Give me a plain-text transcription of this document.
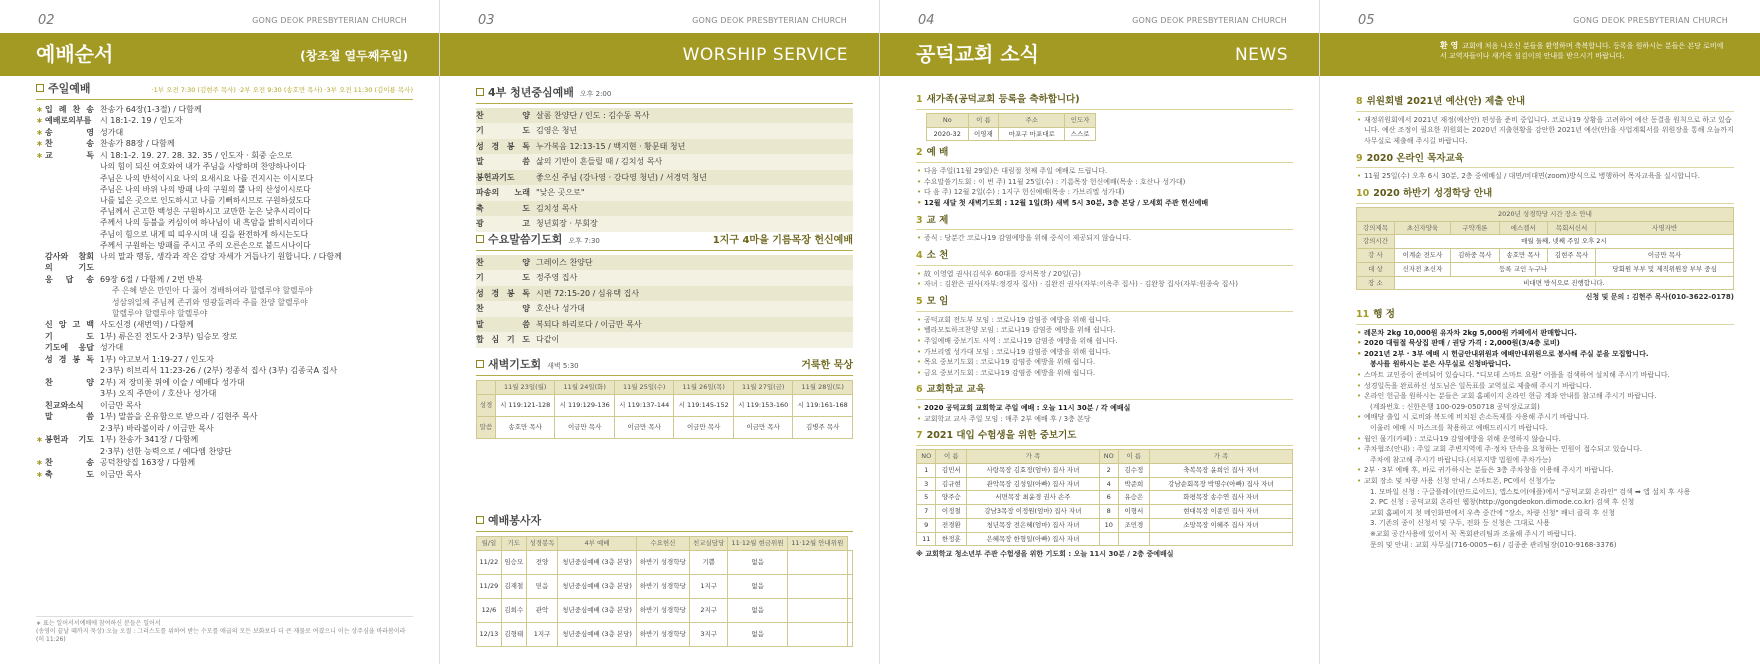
02	GONG DEOK PRESBYTERIAN CHURCH
예배순서	(창조절 열두째주일)
주일예배	·1부 오전 7:30 (김현주 목사) ·2부 오전 9:30 (송호만 목사) ·3부 오전 11:30 (김이룡 목사)
∗ 입 례 찬 송 찬송가 64장(1-3절) / 다함께
∗ 예배로의부름	시 18:1-2. 19 / 인도자
∗ 송 영 성가대
∗ 찬 송 찬송가 88장 / 다함께
∗ 교 독 시 18:1-2. 19. 27. 28. 32. 35 / 인도자 · 회중 순으로
나의 힘이 되신 여호와여 내가 주님을 사랑하며 찬양하나이다
주님은 나의 반석이시요 나의 요새시요 나를 건지시는 이시로다
주님은 나의 바위 나의 방패 나의 구원의 뿔 나의 산성이시로다
나를 넓은 곳으로 인도하시고 나를 기뻐하시므로 구원하셨도다
주님께서 곤고한 백성은 구원하시고 교만한 눈은 낮추시리이다
주께서 나의 등불을 켜심이여 하나님이 내 흑암을 밝히시리이다
주님이 힘으로 내게 띠 띠우시며 내 길을 완전하게 하시는도다
주께서 구원하는 방패를 주시고 주의 오른손으로 붙드시나이다
감사와 참회의 기도
나의 말과 행동, 생각과 작은 감당 자세가 거듭나기 원합니다. / 다함께
응 답 송 69장 6절 / 다함께 / 2번 반복
주 은혜 받은 만민아 다 꿇어 경배하여라 할렐루야 할렐루야
성삼위일체 주님께 존귀와 영광돌려라 주를 찬양 할렐루야
할렐루야 할렐루야 할렐루야
신 앙 고 백 사도신경 (새번역) / 다함께
기 도 1부) 류은진 전도사 2·3부) 임승모 장로
기도에 응답 성가대
성 경 봉 독 1부) 야고보서 1:19-27 / 인도자
2·3부) 히브리서 11:23-26 / (2부) 정종석 집사 (3부) 김종국A 집사
찬 양 2부) 저 장미꽃 위에 이슬 / 예배다 성가대
3부) 오직 주만이 / 호산나 성가대
친교와소식	이금만 목사
말 씀 1부) 말씀을 온유함으로 받으라 / 김현주 목사
2·3부) 바라볼이라 / 이금만 목사
∗ 봉헌과 기도 1부) 찬송가 341장 / 다함께
2·3부) 선한 능력으로 / 예다엠 찬양단
∗ 찬 송 공덕찬양집 163장 / 다함께
∗ 축 도 이금만 목사
∗ 표는 일어서서예배에 참여하신 분들은 일어서
(송영이 끝날 때까지 묵상) 오늘 오절 : 그리스도를 위하여 받는 수모를 애굽의 모든 보화보다 더 큰 재물로 여겼으니 이는 상주심을 바라봄이라(히 11:26)
03	GONG DEOK PRESBYTERIAN CHURCH
WORSHIP SERVICE
4부 청년중심예배 오후 2:00
찬 양 살롬 찬양단 / 인도 : 김수동 목사
기 도 김영은 청년
성 경 봉 독 누가복음 12:13-15 / 백지현 · 황문태 청년
말 씀 삶의 기반이 흔들릴 때 / 김치성 목사
봉헌과기도	좋으신 주님 (강나영 · 강다영 청년) / 서경덕 청년
파송의 노래 "낮은 곳으로"
축 도 김치성 목사
광 고 청년회장 · 부회장
수요말씀기도회 오후 7:30	1지구 4마을 기름목장 헌신예배
찬 양 그레이스 찬양단
기 도 정주영 집사
성 경 봉 독 시편 72:15-20 / 심유택 집사
찬 양 호산나 성가대
말 씀 복되다 하리로다 / 이금만 목사
합 심 기 도 다같이
새벽기도회 새벽 5:30	거룩한 묵상
	11월 23일(월)	11월 24일(화)	11월 25일(수)	11월 26일(목)	11월 27일(금)	11월 28일(토)
성경	시 119:121-128	시 119:129-136	시 119:137-144	시 119:145-152	시 119:153-160	시 119:161-168
말씀	송호만 목사	이금만 목사	이금만 목사	이금만 목사	이금만 목사	김병주 목사
예배봉사자
월/일	기도	성경봉독	4부 예배	수요헌신	친교실담당	11·12월 현금위원	11·12월 안내위원	
11/22	임승모	전양	청년중심예배 (3층 본당)	하반기 성경학당	기쁨	없음		
11/29	김재철	믿음	청년중심예배 (3층 본당)	하반기 성경학당	1지구	없음		
12/6	김희수	관악	청년중심예배 (3층 본당)	하반기 성경학당	2지구	없음		
12/13	김형태	1지구	청년중심예배 (3층 본당)	하반기 성경학당	3지구	없음		
04	GONG DEOK PRESBYTERIAN CHURCH
공덕교회 소식	NEWS
1 새가족(공덕교회 등록을 축하합니다)
No	이 름	주소	인도자
2020-32	이영재	마포구 마포대로	스스로
2 예 배
• 다음 주일(11월 29일)은 대림절 첫째 주일 예배로 드립니다.
• 수요말씀기도회 : 이 번 주) 11월 25일(수) : 기름목장 헌신예배(목송 : 호산나 성가대)
• 다 음 주) 12월 2일(수) : 1지구 헌신예배(목송 : 가브리엘 성가대)
• 12월 새달 첫 새벽기도회 : 12월 1일(화) 새벽 5시 30분, 3층 본당 / 모세회 주관 헌신예배
3 교 제
• 증식 : 당분간 코로나19 감염예방을 위해 중식이 제공되지 않습니다.
4 소 천
• 故 이영엽 권사(김석우 60대를 강서목장 / 20일(금)
• 자녀 : 김완은 권사(자부:정경자 집사) · 김완진 권사(자부:이옥주 집사) · 김완창 집사(자부:원종숙 집사)
5 모 임
• 공덕교회 전도부 모임 : 코로나19 감염증 예방을 위해 쉽니다.
• 벨라모토하크찬양 모임 : 코로나19 감염증 예방을 위해 쉽니다.
• 주일예배 중보기도 사역 : 코로나19 감염증 예방을 위해 쉽니다.
• 가브리엘 성가대 모임 : 코로나19 감염증 예방을 위해 쉽니다.
• 목요 중보기도회 : 코로나19 감염증 예방을 위해 쉽니다.
• 금요 중보기도회 : 코로나19 감염증 예방을 위해 쉽니다.
6 교회학교 교육
• 2020 공덕교회 교회학교 주일 예배 : 오늘 11시 30분 / 각 예배실
• 교회학교 교사 주일 모임 : 매주 2부 예배 후 / 3층 본당
7 2021 대입 수험생을 위한 중보기도
NO	이 름	가 족	NO	이 름	가 족
1	김민서	사랑목장 김효정(엄마) 집사 자녀	2	김수정	축복목장 윤희인 집사 자녀
3	김규현	관악목장 김성일(아빠) 집사 자녀	4	박준희	강남순회목장 박명수(아빠) 집사 자녀
5	양주승	서면목장 최윤경 권사 손주	6	유승은	화평목장 송수연 집사 자녀
7	이정철	강남3목장 이정원(엄마) 집사 자녀	8	이형서	현대목장 이종민 집사 자녀
9	전경환	청년목장 전은혜(엄마) 집사 자녀	10	조민경	소망목장 이혜주 집사 자녀
11	한정훈	은혜목장 한형일(아빠) 집사 자녀			
※ 교회학교 청소년부 주관 수험생을 위한 기도회 : 오늘 11시 30분 / 2층 중예배실
05	GONG DEOK PRESBYTERIAN CHURCH
환 영 교회에 처음 나오신 분들을 환영하며 축복합니다. 등록을 원하시는 분들은 본당 로비에서 교역자들이나 새가족 섬김이의 안내를 받으시기 바랍니다.
8 위원회별 2021년 예산(안) 제출 안내
• 재정위원회에서 2021년 재정(예산안) 편성을 준비 중입니다. 코로나19 상황을 고려하여 예산 동결을 원칙으로 하고 있습니다. 예산 조정이 필요한 위원회는 2020년 지출현황을 감안한 2021년 예산(안)을 사업계획서를 위원장을 통해 오늘까지 사무실로 제출해 주시길 바랍니다.
9 2020 온라인 목자교육
• 11월 25일(수) 오후 6시 30분, 2층 중예배실 / 대면/비대면(zoom)방식으로 병행하여 목자교육을 실시합니다.
10 2020 하반기 성경학당 안내
2020년 성경학당 시간 장소 안내					
강의제목	초신자양육	구약개론	에스겔서	목회서신서	사명자반
강의시간	매월 둘째, 넷째 주일 오후 2시				
강 사	이계순 전도사	김하중 목사	송호만 목사	김현주 목사	이금만 목사
대 상	신자전 초신자	등록 교인 누구나			당회원 부부 및 제직위원장 부부 중심
장 소	비대면 방식으로 진행합니다.				
신청 및 문의 : 김현주 목사(010-3622-0178)
11 행 정
• 레몬차 2kg 10,000원 유자차 2kg 5,000원 카페에서 판매합니다.
• 2020 대림절 묵상집 판매 / 권당 가격 : 2,000원(3/4층 로비)
• 2021년 2부 · 3부 예배 시 헌금안내위원과 예배안내위원으로 봉사해 주실 분을 모집합니다.
봉사를 원하시는 분은 사무실로 신청바랍니다.
• 스마트 교인증이 준비되어 있습니다. "디모데 스마트 요람" 어플을 검색하여 설치해 주시기 바랍니다.
• 성경일독을 완료하신 성도님은 일독표를 교역실로 제출해 주시기 바랍니다.
• 온라인 헌금을 원하시는 분들은 교회 홈페이지 온라인 현금 계좌 안내를 참고해 주시기 바랍니다.
(계좌번호 : 신한은행 100-029-050718 공덕장로교회)
• 예배당 출입 시 로비와 복도에 비치된 손소독제를 사용해 주시기 바랍니다.
이울러 예배 시 마스크를 착용하고 예배드리시기 바랍니다.
• 월인 물기(카페) : 코로나19 감염예방을 위해 운영하지 않습니다.
• 주차협조(안내) : 주일 교회 주변지역에 주·정차 단속을 요청하는 민원이 접수되고 있습니다.
주차에 참고해 주시기 바랍니다.(서부지방 법원에 주차가능)
• 2부 · 3부 예배 후, 바로 귀가하시는 분들은 3층 주차창을 이용해 주시기 바랍니다.
• 교회 장소 및 차량 사용 신청 안내 / 스마트폰, PC에서 신청가능
1. 모바일 신청 : 구글플레이(안드로이드), 앱스토어(애플)에서 "공덕교회 온라인" 검색 ➡ 앱 설치 후 사용
2. PC 신청 : 공덕교회 온라인 웹창(http://gongdeokon.dimode.co.kr) 검색 후 신청
교회 홈페이지 첫 메인화면에서 우측 중간에 "장소, 차량 신청" 배너 클릭 후 신청
3. 기존의 종이 신청서 및 구두, 전화 등 신청은 그대로 사용
※교회 공간사용에 있어서 꼭 목회관리팀과 조율해 주시기 바랍니다.
문의 및 안내 : 교회 사무실(716-0005~6) / 김종준 관리팀장(010-9168-3376)
